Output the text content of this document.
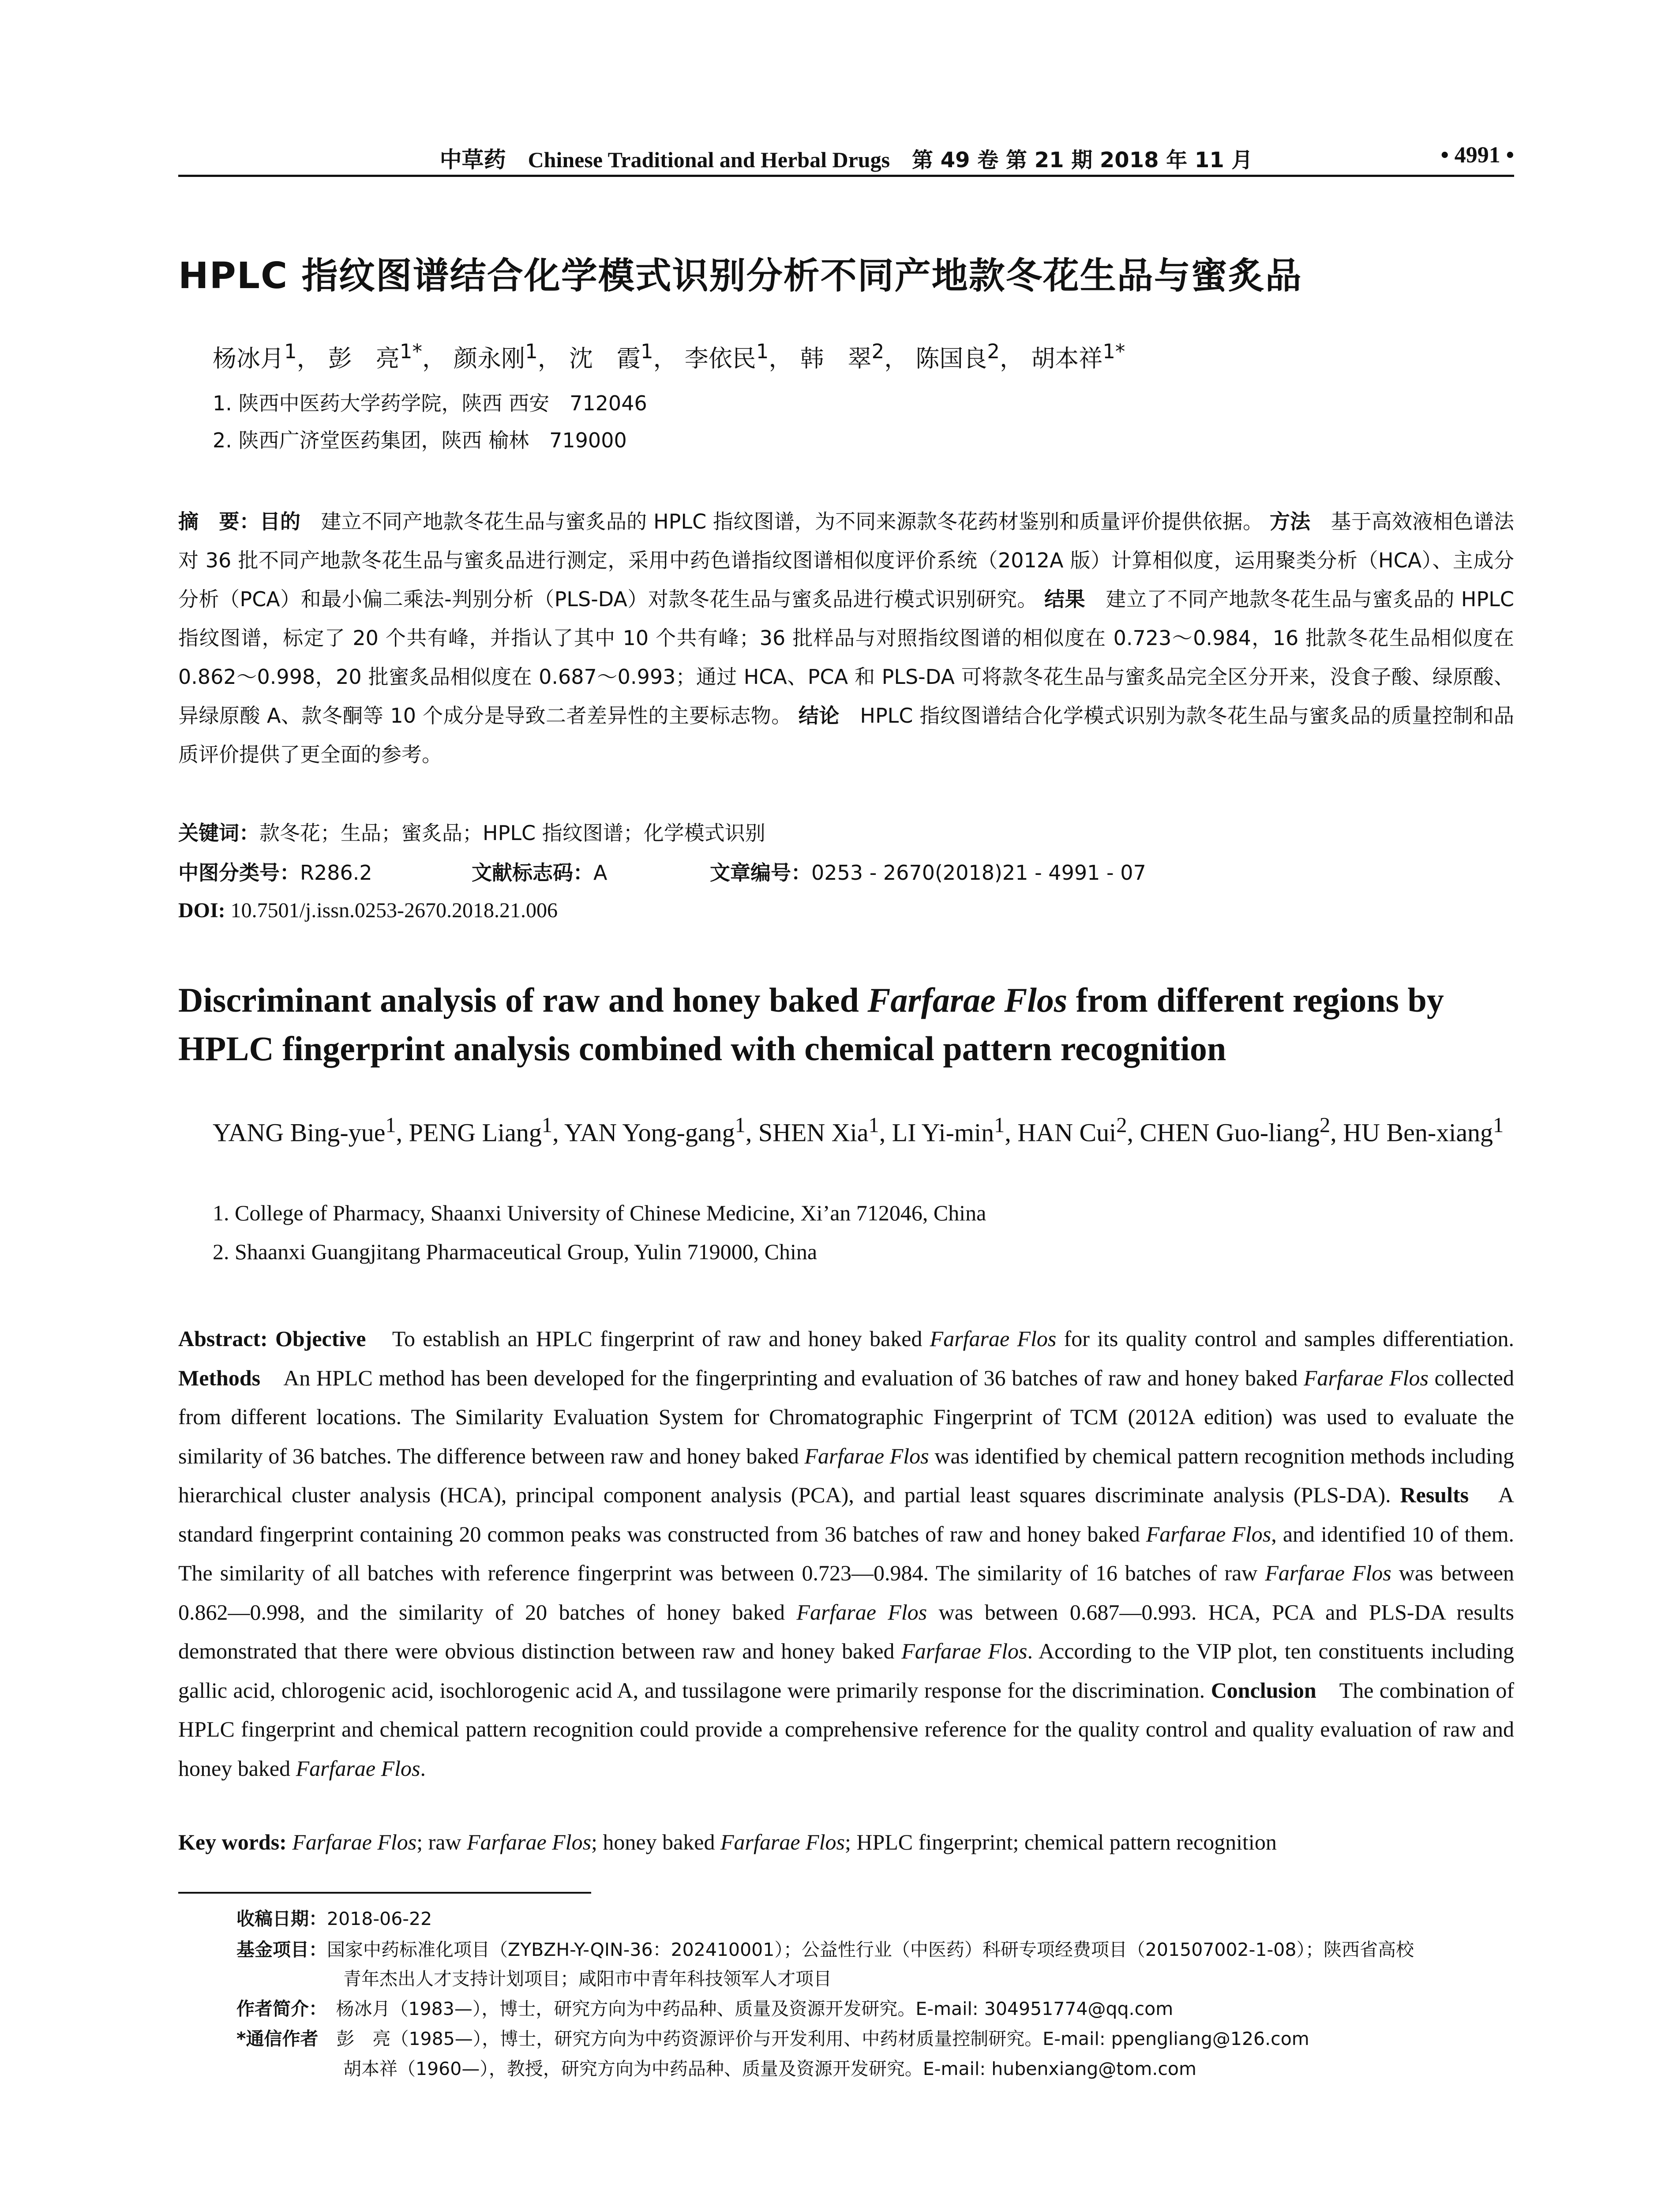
中草药 Chinese Traditional and Herbal Drugs 第 49 卷 第 21 期 2018 年 11 月	• 4991 •
HPLC 指纹图谱结合化学模式识别分析不同产地款冬花生品与蜜炙品
杨冰月$^1$， 彭　亮$^{1*}$， 颜永刚$^1$， 沈　霞$^1$， 李依民$^1$， 韩　翠$^2$， 陈国良$^2$， 胡本祥$^{1*}$
1. 陕西中医药大学药学院，陕西 西安　712046
2. 陕西广济堂医药集团，陕西 榆林　719000
摘　要：目的　建立不同产地款冬花生品与蜜炙品的 HPLC 指纹图谱，为不同来源款冬花药材鉴别和质量评价提供依据。 方法　基于高效液相色谱法对 36 批不同产地款冬花生品与蜜炙品进行测定，采用中药色谱指纹图谱相似度评价系统（2012A 版）计算相似度，运用聚类分析（HCA）、主成分分析（PCA）和最小偏二乘法-判别分析（PLS-DA）对款冬花生品与蜜炙品进行模式识别研究。 结果　建立了不同产地款冬花生品与蜜炙品的 HPLC 指纹图谱，标定了 20 个共有峰，并指认了其中 10 个共有峰；36 批样品与对照指纹图谱的相似度在 0.723～0.984，16 批款冬花生品相似度在 0.862～0.998，20 批蜜炙品相似度在 0.687～0.993；通过 HCA、PCA 和 PLS-DA 可将款冬花生品与蜜炙品完全区分开来，没食子酸、绿原酸、异绿原酸 A、款冬酮等 10 个成分是导致二者差异性的主要标志物。 结论　HPLC 指纹图谱结合化学模式识别为款冬花生品与蜜炙品的质量控制和品质评价提供了更全面的参考。
关键词：款冬花；生品；蜜炙品；HPLC 指纹图谱；化学模式识别
中图分类号：R286.2	文献标志码：A	文章编号：0253 - 2670(2018)21 - 4991 - 07
DOI: 10.7501/j.issn.0253-2670.2018.21.006
Discriminant analysis of raw and honey baked Farfarae Flos from different regions by HPLC fingerprint analysis combined with chemical pattern recognition
YANG Bing-yue$^1$, PENG Liang$^1$, YAN Yong-gang$^1$, SHEN Xia$^1$, LI $Yi-\min^1$, HAN Cui$^2$, CHEN Guo-liang$^2$, HU Ben-xiang$^1$
1. College of Pharmacy, Shaanxi University of Chinese Medicine, Xi’an 712046, China
2. Shaanxi Guangjitang Pharmaceutical Group, Yulin 719000, China
Abstract: Objective　To establish an HPLC fingerprint of raw and honey baked Farfarae Flos for its quality control and samples differentiation. Methods　An HPLC method has been developed for the fingerprinting and evaluation of 36 batches of raw and honey baked Farfarae Flos collected from different locations. The Similarity Evaluation System for Chromatographic Fingerprint of TCM (2012A edition) was used to evaluate the similarity of 36 batches. The difference between raw and honey baked Farfarae Flos was identified by chemical pattern recognition methods including hierarchical cluster analysis (HCA), principal component analysis (PCA), and partial least squares discriminate analysis (PLS-DA). Results　A standard fingerprint containing 20 common peaks was constructed from 36 batches of raw and honey baked Farfarae Flos, and identified 10 of them. The similarity of all batches with reference fingerprint was between 0.723—0.984. The similarity of 16 batches of raw Farfarae Flos was between 0.862—0.998, and the similarity of 20 batches of honey baked Farfarae Flos was between 0.687—0.993. HCA, PCA and PLS-DA results demonstrated that there were obvious distinction between raw and honey baked Farfarae Flos. According to the VIP plot, ten constituents including gallic acid, chlorogenic acid, isochlorogenic acid A, and tussilagone were primarily response for the discrimination. Conclusion　The combination of HPLC fingerprint and chemical pattern recognition could provide a comprehensive reference for the quality control and quality evaluation of raw and honey baked Farfarae Flos.
Key words: Farfarae Flos; raw Farfarae Flos; honey baked Farfarae Flos; HPLC fingerprint; chemical pattern recognition
收稿日期：2018-06-22
基金项目：国家中药标准化项目（ZYBZH-Y-QIN-36：202410001）；公益性行业（中医药）科研专项经费项目（201507002-1-08）；陕西省高校
青年杰出人才支持计划项目；咸阳市中青年科技领军人才项目
作者简介：　杨冰月（1983—），博士，研究方向为中药品种、质量及资源开发研究。E-mail: 304951774@qq.com
*通信作者　彭　亮（1985—），博士，研究方向为中药资源评价与开发利用、中药材质量控制研究。E-mail: ppengliang@126.com
胡本祥（1960—），教授，研究方向为中药品种、质量及资源开发研究。E-mail: hubenxiang@tom.com
